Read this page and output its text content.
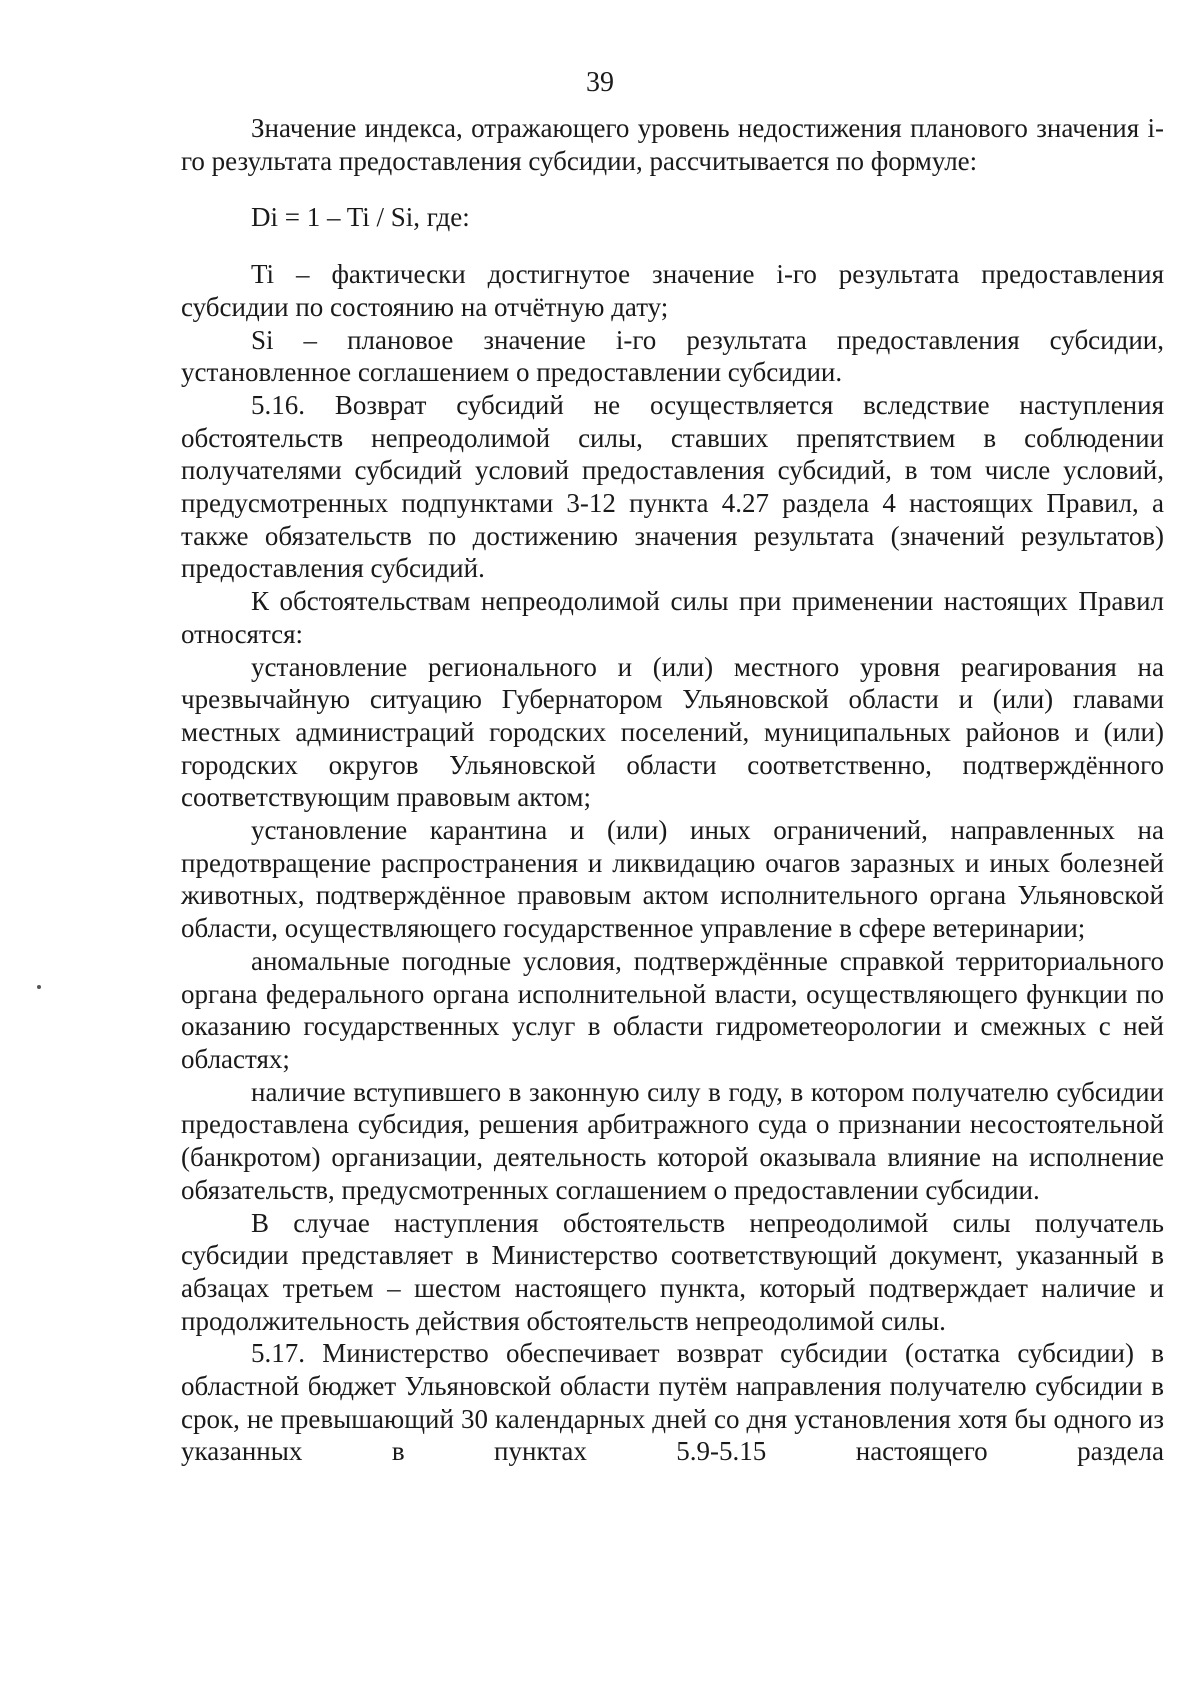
39

Значение индекса, отражающего уровень недостижения планового значения i-го результата предоставления субсидии, рассчитывается по формуле:

Di = 1 – Ti / Si, где:

Ti – фактически достигнутое значение i-го результата предоставления субсидии по состоянию на отчётную дату;

Si – плановое значение i-го результата предоставления субсидии, установленное соглашением о предоставлении субсидии.

5.16. Возврат субсидий не осуществляется вследствие наступления обстоятельств непреодолимой силы, ставших препятствием в соблюдении получателями субсидий условий предоставления субсидий, в том числе условий, предусмотренных подпунктами 3-12 пункта 4.27 раздела 4 настоящих Правил, а также обязательств по достижению значения результата (значений результатов) предоставления субсидий.

К обстоятельствам непреодолимой силы при применении настоящих Правил относятся:

установление регионального и (или) местного уровня реагирования на чрезвычайную ситуацию Губернатором Ульяновской области и (или) главами местных администраций городских поселений, муниципальных районов и (или) городских округов Ульяновской области соответственно, подтверждённого соответствующим правовым актом;

установление карантина и (или) иных ограничений, направленных на предотвращение распространения и ликвидацию очагов заразных и иных болезней животных, подтверждённое правовым актом исполнительного органа Ульяновской области, осуществляющего государственное управление в сфере ветеринарии;

аномальные погодные условия, подтверждённые справкой территориального органа федерального органа исполнительной власти, осуществляющего функции по оказанию государственных услуг в области гидрометеорологии и смежных с ней областях;

наличие вступившего в законную силу в году, в котором получателю субсидии предоставлена субсидия, решения арбитражного суда о признании несостоятельной (банкротом) организации, деятельность которой оказывала влияние на исполнение обязательств, предусмотренных соглашением о предоставлении субсидии.

В случае наступления обстоятельств непреодолимой силы получатель субсидии представляет в Министерство соответствующий документ, указанный в абзацах третьем – шестом настоящего пункта, который подтверждает наличие и продолжительность действия обстоятельств непреодолимой силы.

5.17. Министерство обеспечивает возврат субсидии (остатка субсидии) в областной бюджет Ульяновской области путём направления получателю субсидии в срок, не превышающий 30 календарных дней со дня установления хотя бы одного из указанных в пунктах 5.9-5.15 настоящего раздела
